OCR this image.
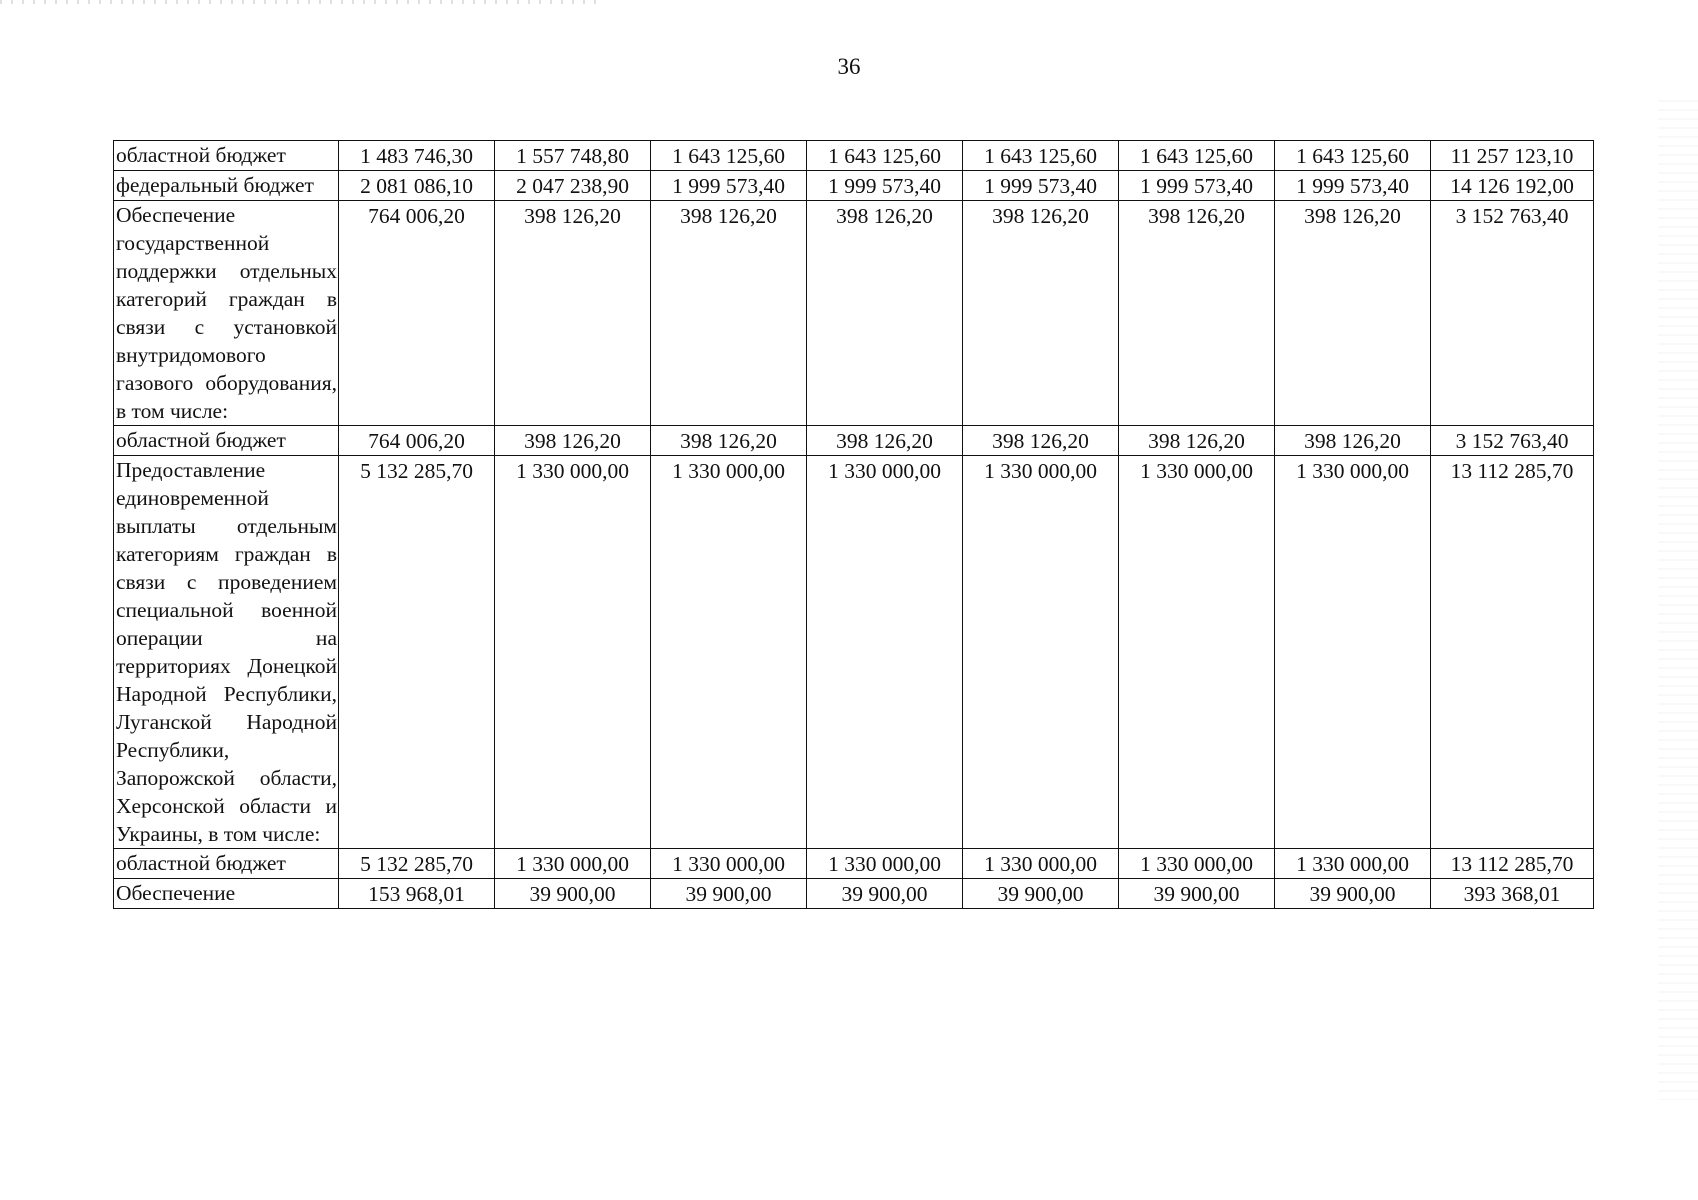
36
областной бюджет	1 483 746,30	1 557 748,80	1 643 125,60	1 643 125,60	1 643 125,60	1 643 125,60	1 643 125,60	11 257 123,10
федеральный бюджет	2 081 086,10	2 047 238,90	1 999 573,40	1 999 573,40	1 999 573,40	1 999 573,40	1 999 573,40	14 126 192,00
Обеспечение государственной поддержки отдельных категорий граждан в связи с установкой внутридомового газового оборудования, в том числе:	764 006,20	398 126,20	398 126,20	398 126,20	398 126,20	398 126,20	398 126,20	3 152 763,40
областной бюджет	764 006,20	398 126,20	398 126,20	398 126,20	398 126,20	398 126,20	398 126,20	3 152 763,40
Предоставление единовременной выплаты отдельным категориям граждан в связи с проведением специальной военной операции на территориях Донецкой Народной Республики, Луганской Народной Республики, Запорожской области, Херсонской области и Украины, в том числе:	5 132 285,70	1 330 000,00	1 330 000,00	1 330 000,00	1 330 000,00	1 330 000,00	1 330 000,00	13 112 285,70
областной бюджет	5 132 285,70	1 330 000,00	1 330 000,00	1 330 000,00	1 330 000,00	1 330 000,00	1 330 000,00	13 112 285,70
Обеспечение	153 968,01	39 900,00	39 900,00	39 900,00	39 900,00	39 900,00	39 900,00	393 368,01
